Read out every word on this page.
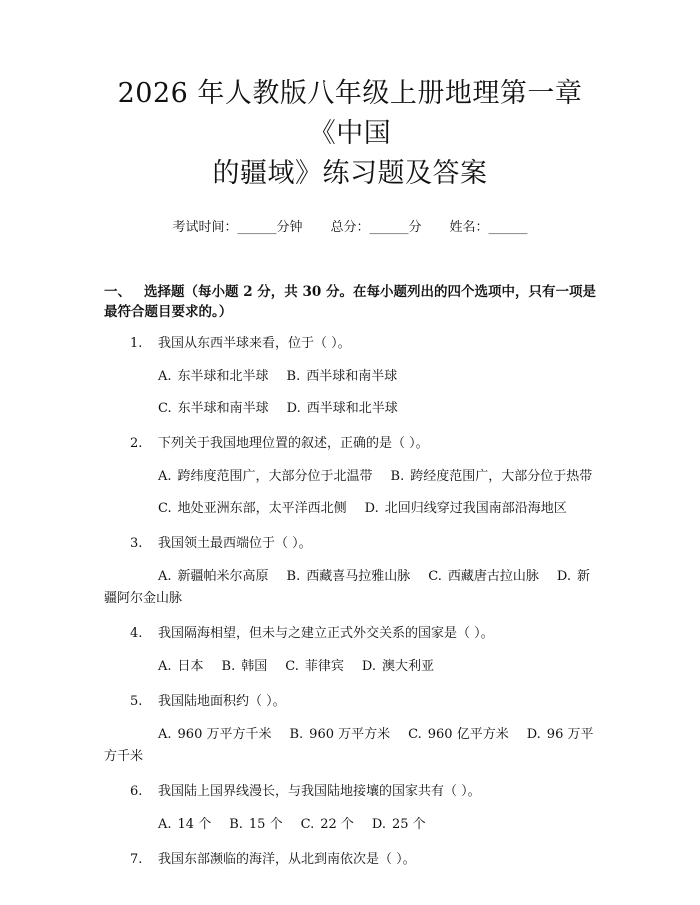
2026 年人教版八年级上册地理第一章《中国
的疆域》练习题及答案
考试时间：______分钟 总分：______分 姓名：______
一、 选择题（每小题 2 分，共 30 分。在每小题列出的四个选项中，只有一项是
最符合题目要求的。）
1.	我国从东西半球来看，位于（ ）。
A. 东半球和北半球 B. 西半球和南半球
C. 东半球和南半球 D. 西半球和北半球
2.	下列关于我国地理位置的叙述，正确的是（ ）。
A. 跨纬度范围广，大部分位于北温带 B. 跨经度范围广，大部分位于热带
C. 地处亚洲东部，太平洋西北侧 D. 北回归线穿过我国南部沿海地区
3.	我国领土最西端位于（ ）。
A. 新疆帕米尔高原 B. 西藏喜马拉雅山脉 C. 西藏唐古拉山脉 D. 新疆阿尔金山脉
4.	我国隔海相望，但未与之建立正式外交关系的国家是（ ）。
A. 日本 B. 韩国 C. 菲律宾 D. 澳大利亚
5.	我国陆地面积约（ ）。
A. 960 万平方千米 B. 960 万平方米 C. 960 亿平方米 D. 96 万平方千米
6.	我国陆上国界线漫长，与我国陆地接壤的国家共有（ ）。
A. 14 个 B. 15 个 C. 22 个 D. 25 个
7.	我国东部濒临的海洋，从北到南依次是（ ）。
